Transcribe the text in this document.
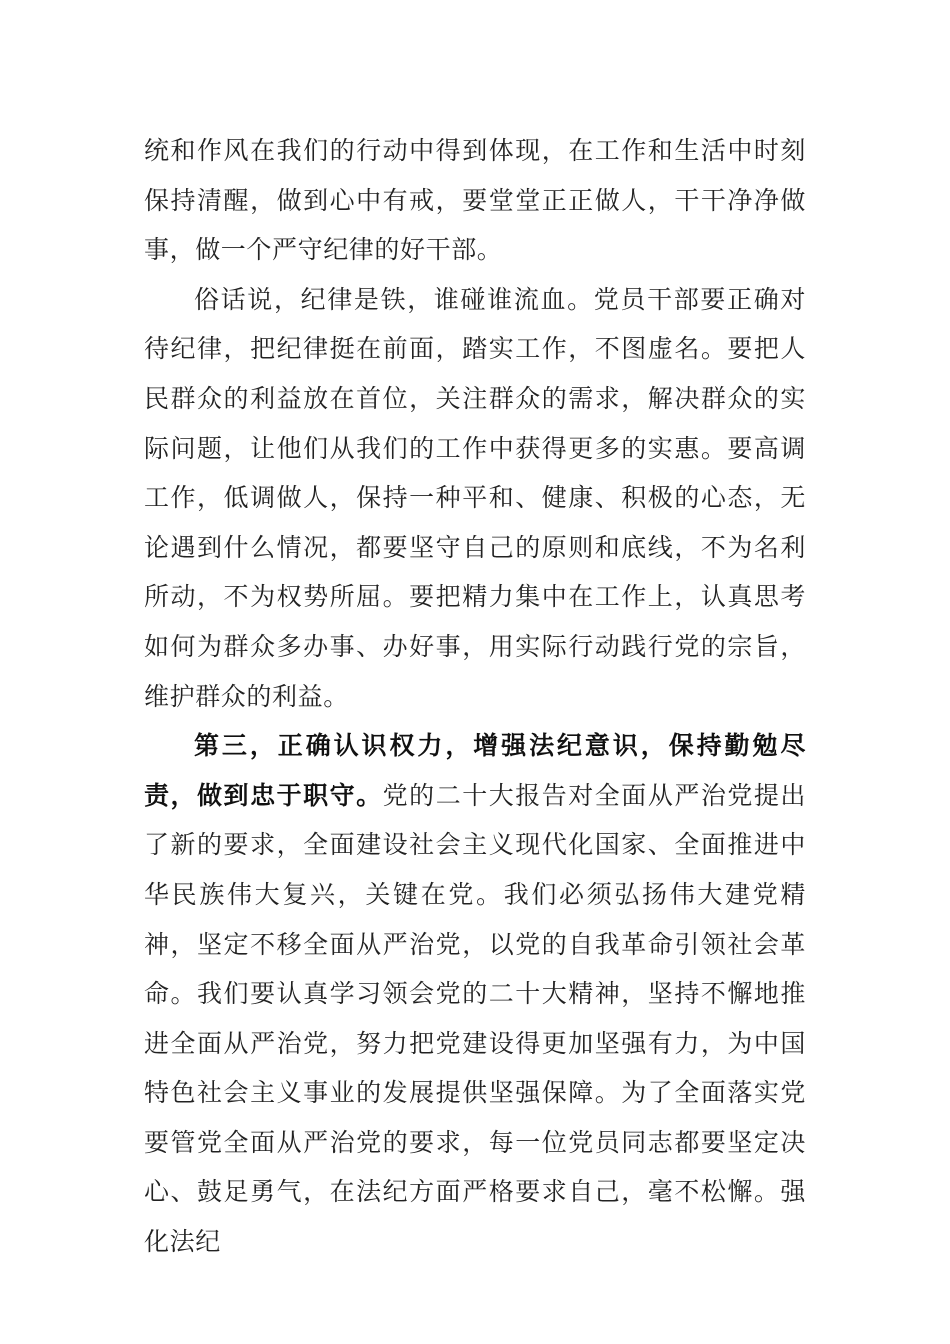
统和作风在我们的行动中得到体现，在工作和生活中时刻保持清醒，做到心中有戒，要堂堂正正做人，干干净净做事，做一个严守纪律的好干部。

俗话说，纪律是铁，谁碰谁流血。党员干部要正确对待纪律，把纪律挺在前面，踏实工作，不图虚名。要把人民群众的利益放在首位，关注群众的需求，解决群众的实际问题，让他们从我们的工作中获得更多的实惠。要高调工作，低调做人，保持一种平和、健康、积极的心态，无论遇到什么情况，都要坚守自己的原则和底线，不为名利所动，不为权势所屈。要把精力集中在工作上，认真思考如何为群众多办事、办好事，用实际行动践行党的宗旨，维护群众的利益。

第三，正确认识权力，增强法纪意识，保持勤勉尽责，做到忠于职守。党的二十大报告对全面从严治党提出了新的要求，全面建设社会主义现代化国家、全面推进中华民族伟大复兴，关键在党。我们必须弘扬伟大建党精神，坚定不移全面从严治党，以党的自我革命引领社会革命。我们要认真学习领会党的二十大精神，坚持不懈地推进全面从严治党，努力把党建设得更加坚强有力，为中国特色社会主义事业的发展提供坚强保障。为了全面落实党要管党全面从严治党的要求，每一位党员同志都要坚定决心、鼓足勇气，在法纪方面严格要求自己，毫不松懈。强化法纪
